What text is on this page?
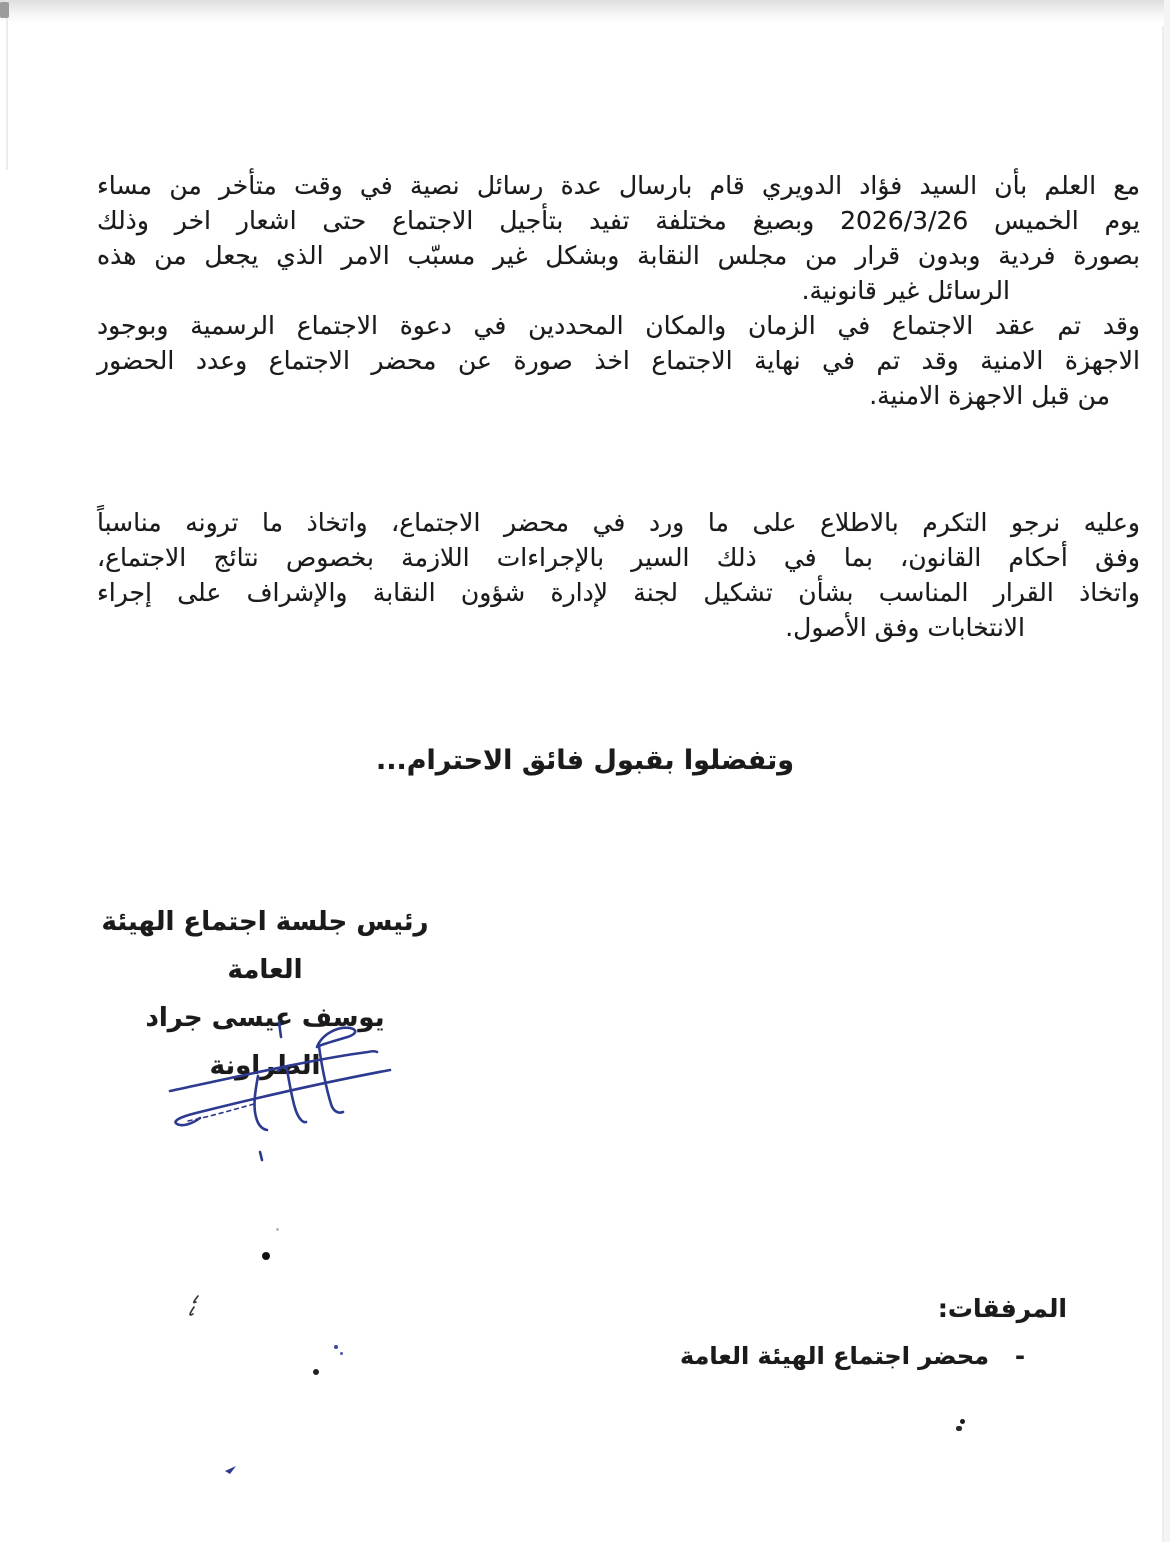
مع العلم بأن السيد فؤاد الدويري قام بارسال عدة رسائل نصية في وقت متأخر من مساء
يوم الخميس 2026/3/26 وبصيغ مختلفة تفيد بتأجيل الاجتماع حتى اشعار اخر وذلك
بصورة فردية وبدون قرار من مجلس النقابة وبشكل غير مسبّب الامر الذي يجعل من هذه
الرسائل غير قانونية.
وقد تم عقد الاجتماع في الزمان والمكان المحددين في دعوة الاجتماع الرسمية وبوجود
الاجهزة الامنية وقد تم في نهاية الاجتماع اخذ صورة عن محضر الاجتماع وعدد الحضور
من قبل الاجهزة الامنية.
وعليه نرجو التكرم بالاطلاع على ما ورد في محضر الاجتماع، واتخاذ ما ترونه مناسباً
وفق أحكام القانون، بما في ذلك السير بالإجراءات اللازمة بخصوص نتائج الاجتماع،
واتخاذ القرار المناسب بشأن تشكيل لجنة لإدارة شؤون النقابة والإشراف على إجراء
الانتخابات وفق الأصول.
وتفضلوا بقبول فائق الاحترام...
رئيس جلسة اجتماع الهيئة العامة
يوسف عيسى جراد الطراونة
المرفقات:
-محضر اجتماع الهيئة العامة
